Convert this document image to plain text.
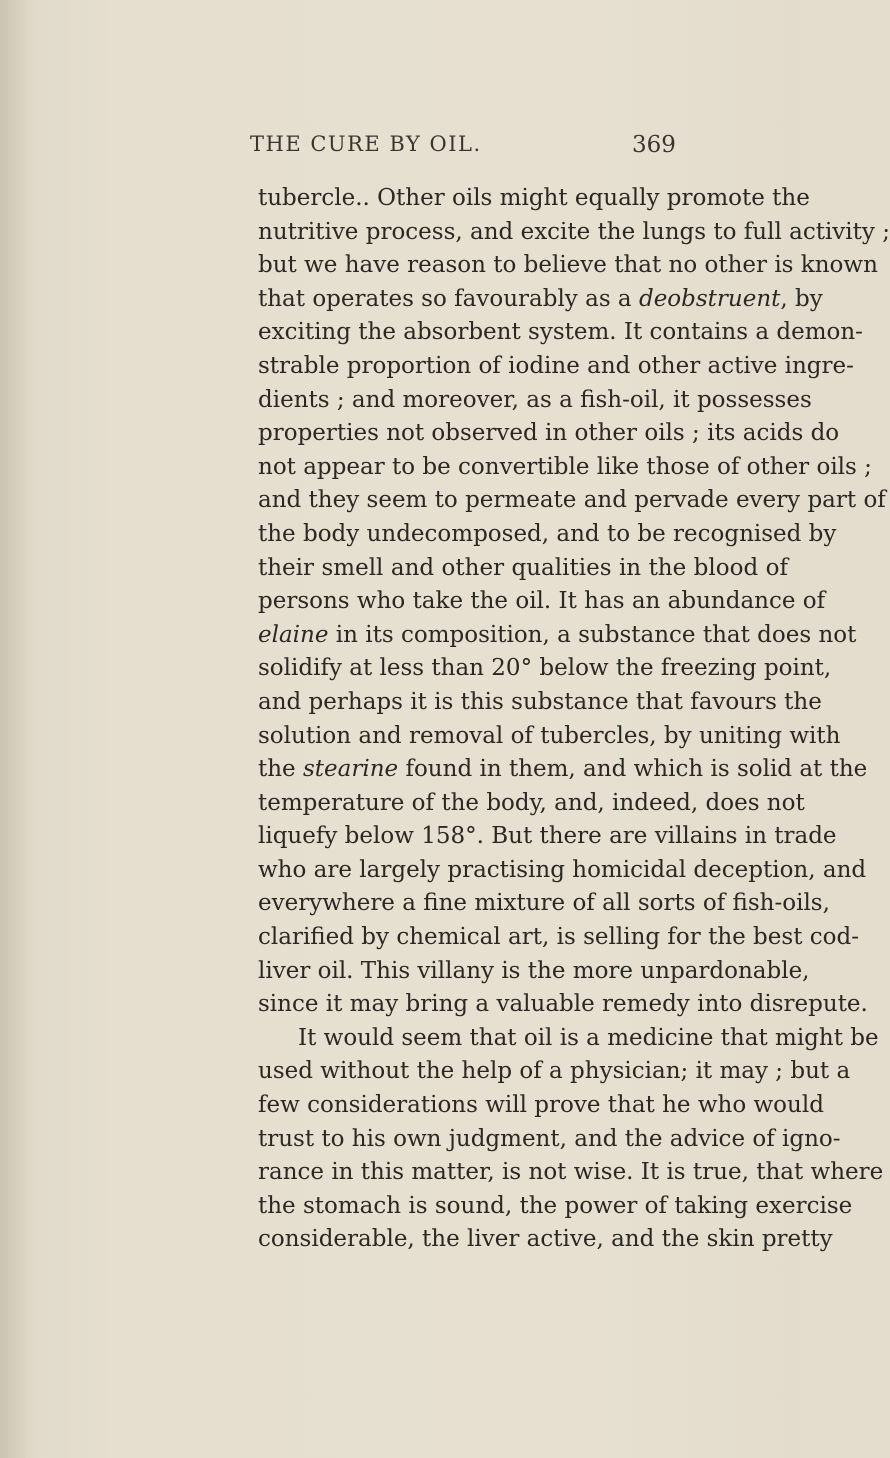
THE CURE BY OIL.	369
tubercle.. Other oils might equally promote the
nutritive process, and excite the lungs to full activity ;
but we have reason to believe that no other is known
that operates so favourably as a deobstruent, by
exciting the absorbent system. It contains a demon-
strable proportion of iodine and other active ingre-
dients ; and moreover, as a fish-oil, it possesses
properties not observed in other oils ; its acids do
not appear to be convertible like those of other oils ;
and they seem to permeate and pervade every part of
the body undecomposed, and to be recognised by
their smell and other qualities in the blood of
persons who take the oil. It has an abundance of
elaine in its composition, a substance that does not
solidify at less than 20° below the freezing point,
and perhaps it is this substance that favours the
solution and removal of tubercles, by uniting with
the stearine found in them, and which is solid at the
temperature of the body, and, indeed, does not
liquefy below 158°. But there are villains in trade
who are largely practising homicidal deception, and
everywhere a fine mixture of all sorts of fish-oils,
clarified by chemical art, is selling for the best cod-
liver oil. This villany is the more unpardonable,
since it may bring a valuable remedy into disrepute.
It would seem that oil is a medicine that might be
used without the help of a physician; it may ; but a
few considerations will prove that he who would
trust to his own judgment, and the advice of igno-
rance in this matter, is not wise. It is true, that where
the stomach is sound, the power of taking exercise
considerable, the liver active, and the skin pretty
